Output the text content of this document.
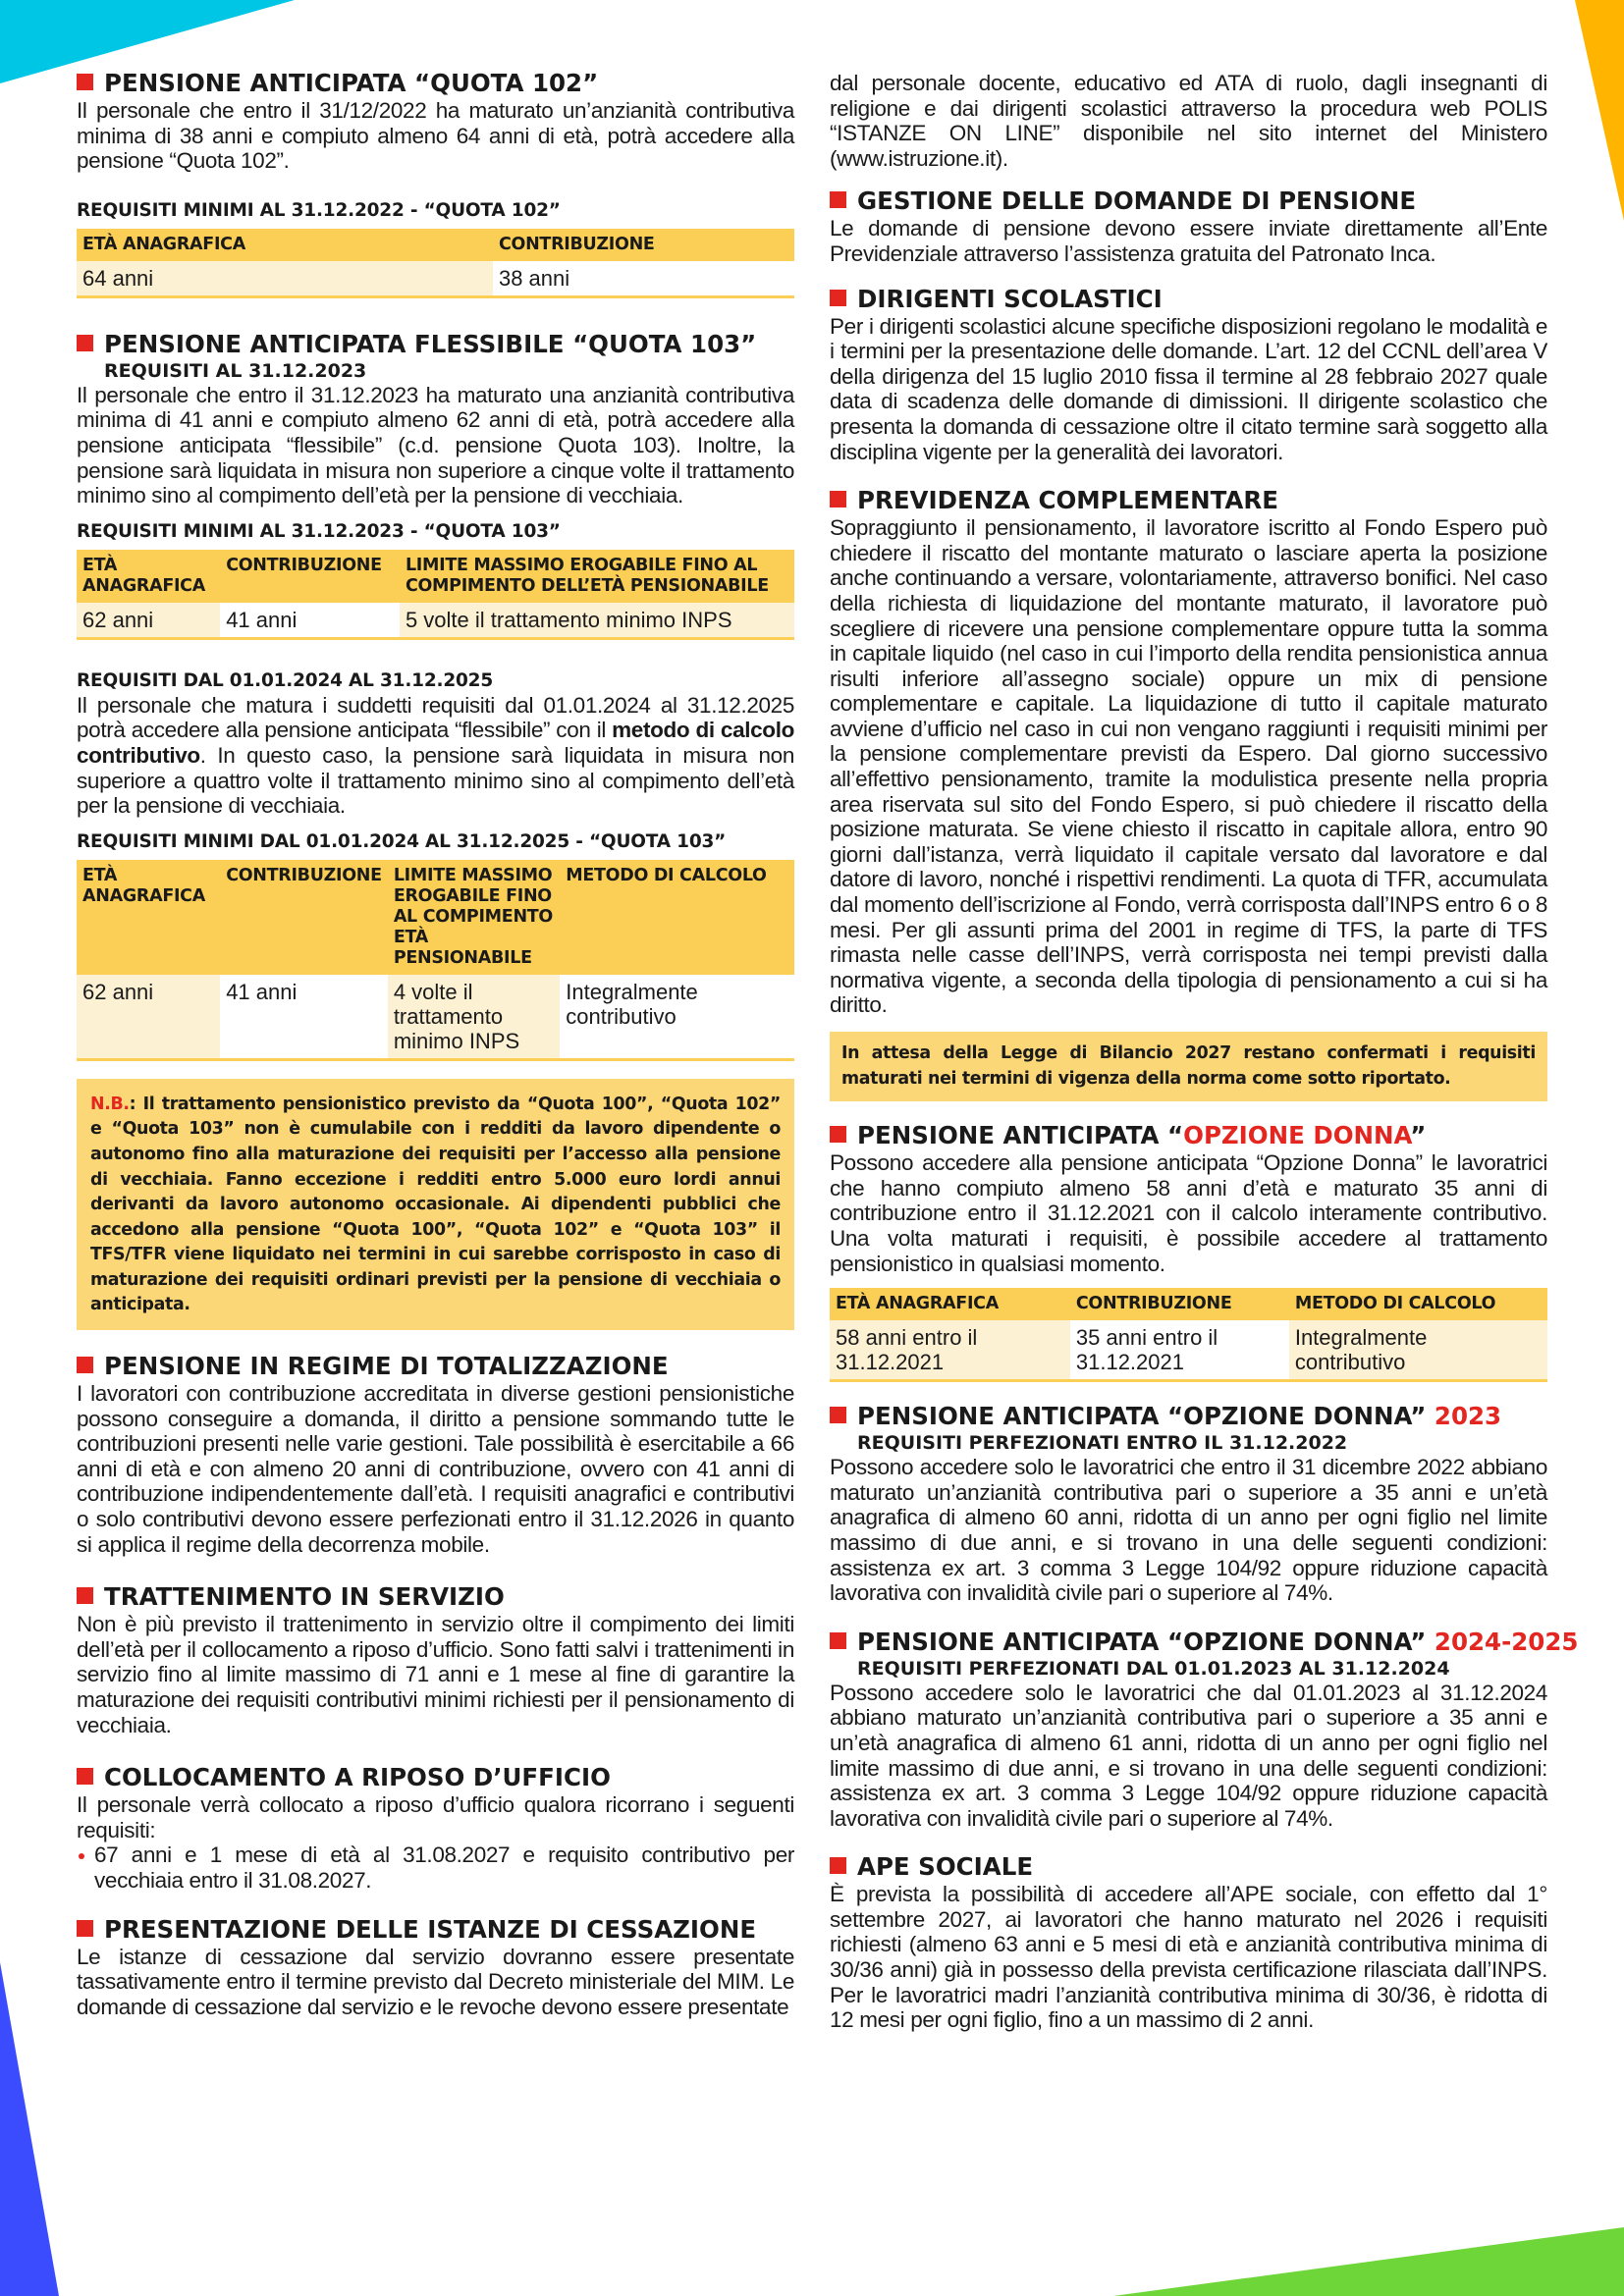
PENSIONE ANTICIPATA “QUOTA 102”

Il personale che entro il 31/12/2022 ha maturato un’anzianità contributiva minima di 38 anni e compiuto almeno 64 anni di età, potrà accedere alla pensione “Quota 102”.

REQUISITI MINIMI AL 31.12.2022 - “QUOTA 102”

ETÀ ANAGRAFICA	CONTRIBUZIONE
64 anni	38 anni
PENSIONE ANTICIPATA FLESSIBILE “QUOTA 103”

REQUISITI AL 31.12.2023

Il personale che entro il 31.12.2023 ha maturato una anzianità contributiva minima di 41 anni e compiuto almeno 62 anni di età, potrà accedere alla pensione anticipata “flessibile” (c.d. pensione Quota 103). Inoltre, la pensione sarà liquidata in misura non superiore a cinque volte il trattamento minimo sino al compimento dell’età per la pensione di vecchiaia.

REQUISITI MINIMI AL 31.12.2023 - “QUOTA 103”

ETÀ ANAGRAFICA	CONTRIBUZIONE	LIMITE MASSIMO EROGABILE FINO AL COMPIMENTO DELL’ETÀ PENSIONABILE
62 anni	41 anni	5 volte il trattamento minimo INPS

REQUISITI DAL 01.01.2024 AL 31.12.2025

Il personale che matura i suddetti requisiti dal 01.01.2024 al 31.12.2025 potrà accedere alla pensione anticipata “flessibile” con il metodo di calcolo contributivo. In questo caso, la pensione sarà liquidata in misura non superiore a quattro volte il trattamento minimo sino al compimento dell’età per la pensione di vecchiaia.

REQUISITI MINIMI DAL 01.01.2024 AL 31.12.2025 - “QUOTA 103”

ETÀ ANAGRAFICA	CONTRIBUZIONE	LIMITE MASSIMO EROGABILE FINO AL COMPIMENTO ETÀ PENSIONABILE	METODO DI CALCOLO
62 anni	41 anni	4 volte il trattamento minimo INPS	Integralmente contributivo
N.B.: Il trattamento pensionistico previsto da “Quota 100”, “Quota 102” e “Quota 103” non è cumulabile con i redditi da lavoro dipendente o autonomo fino alla maturazione dei requisiti per l’accesso alla pensione di vecchiaia. Fanno eccezione i redditi entro 5.000 euro lordi annui derivanti da lavoro autonomo occasionale. Ai dipendenti pubblici che accedono alla pensione “Quota 100”, “Quota 102” e “Quota 103” il TFS/TFR viene liquidato nei termini in cui sarebbe corrisposto in caso di maturazione dei requisiti ordinari previsti per la pensione di vecchiaia o anticipata.
PENSIONE IN REGIME DI TOTALIZZAZIONE

I lavoratori con contribuzione accreditata in diverse gestioni pensionistiche possono conseguire a domanda, il diritto a pensione sommando tutte le contribuzioni presenti nelle varie gestioni. Tale possibilità è esercitabile a 66 anni di età e con almeno 20 anni di contribuzione, ovvero con 41 anni di contribuzione indipendentemente dall’età. I requisiti anagrafici e contributivi o solo contributivi devono essere perfezionati entro il 31.12.2026 in quanto si applica il regime della decorrenza mobile.

TRATTENIMENTO IN SERVIZIO

Non è più previsto il trattenimento in servizio oltre il compimento dei limiti dell’età per il collocamento a riposo d’ufficio. Sono fatti salvi i trattenimenti in servizio fino al limite massimo di 71 anni e 1 mese al fine di garantire la maturazione dei requisiti contributivi minimi richiesti per il pensionamento di vecchiaia.

COLLOCAMENTO A RIPOSO D’UFFICIO

Il personale verrà collocato a riposo d’ufficio qualora ricorrano i seguenti requisiti:

67 anni e 1 mese di età al 31.08.2027 e requisito contributivo per vecchiaia entro il 31.08.2027.

PRESENTAZIONE DELLE ISTANZE DI CESSAZIONE

Le istanze di cessazione dal servizio dovranno essere presentate tassativamente entro il termine previsto dal Decreto ministeriale del MIM. Le domande di cessazione dal servizio e le revoche devono essere presentate

dal personale docente, educativo ed ATA di ruolo, dagli insegnanti di religione e dai dirigenti scolastici attraverso la procedura web POLIS “ISTANZE ON LINE” disponibile nel sito internet del Ministero (www.istruzione.it).

GESTIONE DELLE DOMANDE DI PENSIONE

Le domande di pensione devono essere inviate direttamente all’Ente Previdenziale attraverso l’assistenza gratuita del Patronato Inca.

DIRIGENTI SCOLASTICI

Per i dirigenti scolastici alcune specifiche disposizioni regolano le modalità e i termini per la presentazione delle domande. L’art. 12 del CCNL dell’area V della dirigenza del 15 luglio 2010 fissa il termine al 28 febbraio 2027 quale data di scadenza delle domande di dimissioni. Il dirigente scolastico che presenta la domanda di cessazione oltre il citato termine sarà soggetto alla disciplina vigente per la generalità dei lavoratori.

PREVIDENZA COMPLEMENTARE

Sopraggiunto il pensionamento, il lavoratore iscritto al Fondo Espero può chiedere il riscatto del montante maturato o lasciare aperta la posizione anche continuando a versare, volontariamente, attraverso bonifici. Nel caso della richiesta di liquidazione del montante maturato, il lavoratore può scegliere di ricevere una pensione complementare oppure tutta la somma in capitale liquido (nel caso in cui l’importo della rendita pensionistica annua risulti inferiore all’assegno sociale) oppure un mix di pensione complementare e capitale. La liquidazione di tutto il capitale maturato avviene d’ufficio nel caso in cui non vengano raggiunti i requisiti minimi per la pensione complementare previsti da Espero. Dal giorno successivo all’effettivo pensionamento, tramite la modulistica presente nella propria area riservata sul sito del Fondo Espero, si può chiedere il riscatto della posizione maturata. Se viene chiesto il riscatto in capitale allora, entro 90 giorni dall’istanza, verrà liquidato il capitale versato dal lavoratore e dal datore di lavoro, nonché i rispettivi rendimenti. La quota di TFR, accumulata dal momento dell’iscrizione al Fondo, verrà corrisposta dall’INPS entro 6 o 8 mesi. Per gli assunti prima del 2001 in regime di TFS, la parte di TFS rimasta nelle casse dell’INPS, verrà corrisposta nei tempi previsti dalla normativa vigente, a seconda della tipologia di pensionamento a cui si ha diritto.

In attesa della Legge di Bilancio 2027 restano confermati i requisiti maturati nei termini di vigenza della norma come sotto riportato.
PENSIONE ANTICIPATA “OPZIONE DONNA”

Possono accedere alla pensione anticipata “Opzione Donna” le lavoratrici che hanno compiuto almeno 58 anni d’età e maturato 35 anni di contribuzione entro il 31.12.2021 con il calcolo interamente contributivo. Una volta maturati i requisiti, è possibile accedere al trattamento pensionistico in qualsiasi momento.

ETÀ ANAGRAFICA	CONTRIBUZIONE	METODO DI CALCOLO
58 anni entro il 31.12.2021	35 anni entro il 31.12.2021	Integralmente contributivo
PENSIONE ANTICIPATA “OPZIONE DONNA” 2023

REQUISITI PERFEZIONATI ENTRO IL 31.12.2022

Possono accedere solo le lavoratrici che entro il 31 dicembre 2022 abbiano maturato un’anzianità contributiva pari o superiore a 35 anni e un’età anagrafica di almeno 60 anni, ridotta di un anno per ogni figlio nel limite massimo di due anni, e si trovano in una delle seguenti condizioni: assistenza ex art. 3 comma 3 Legge 104/92 oppure riduzione capacità lavorativa con invalidità civile pari o superiore al 74%.

PENSIONE ANTICIPATA “OPZIONE DONNA” 2024-2025

REQUISITI PERFEZIONATI DAL 01.01.2023 AL 31.12.2024

Possono accedere solo le lavoratrici che dal 01.01.2023 al 31.12.2024 abbiano maturato un’anzianità contributiva pari o superiore a 35 anni e un’età anagrafica di almeno 61 anni, ridotta di un anno per ogni figlio nel limite massimo di due anni, e si trovano in una delle seguenti condizioni: assistenza ex art. 3 comma 3 Legge 104/92 oppure riduzione capacità lavorativa con invalidità civile pari o superiore al 74%.

APE SOCIALE

È prevista la possibilità di accedere all’APE sociale, con effetto dal 1° settembre 2027, ai lavoratori che hanno maturato nel 2026 i requisiti richiesti (almeno 63 anni e 5 mesi di età e anzianità contributiva minima di 30/36 anni) già in possesso della prevista certificazione rilasciata dall’INPS. Per le lavoratrici madri l’anzianità contributiva minima di 30/36, è ridotta di 12 mesi per ogni figlio, fino a un massimo di 2 anni.
